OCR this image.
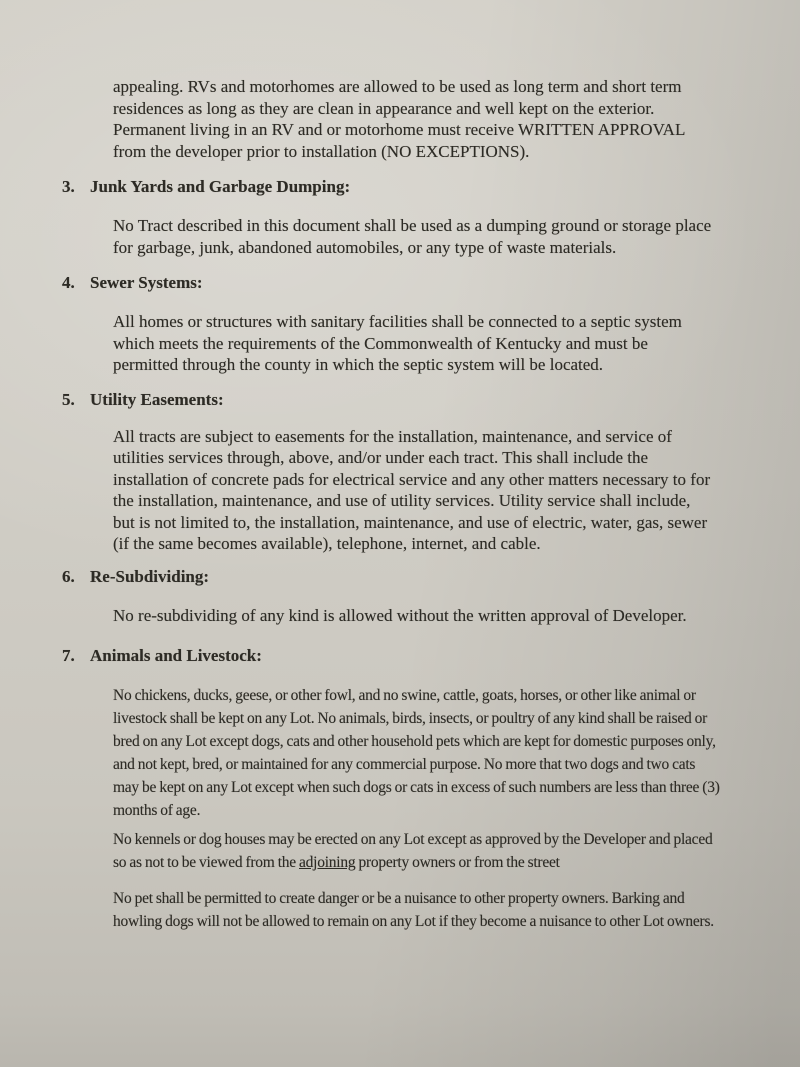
appealing. RVs and motorhomes are allowed to be used as long term and short term residences as long as they are clean in appearance and well kept on the exterior. Permanent living in an RV and or motorhome must receive WRITTEN APPROVAL from the developer prior to installation (NO EXCEPTIONS).

3. Junk Yards and Garbage Dumping:

No Tract described in this document shall be used as a dumping ground or storage place for garbage, junk, abandoned automobiles, or any type of waste materials.

4. Sewer Systems:

All homes or structures with sanitary facilities shall be connected to a septic system which meets the requirements of the Commonwealth of Kentucky and must be permitted through the county in which the septic system will be located.

5. Utility Easements:

All tracts are subject to easements for the installation, maintenance, and service of utilities services through, above, and/or under each tract. This shall include the installation of concrete pads for electrical service and any other matters necessary to for the installation, maintenance, and use of utility services. Utility service shall include, but is not limited to, the installation, maintenance, and use of electric, water, gas, sewer (if the same becomes available), telephone, internet, and cable.

6. Re-Subdividing:

No re-subdividing of any kind is allowed without the written approval of Developer.

7. Animals and Livestock:

No chickens, ducks, geese, or other fowl, and no swine, cattle, goats, horses, or other like animal or livestock shall be kept on any Lot. No animals, birds, insects, or poultry of any kind shall be raised or bred on any Lot except dogs, cats and other household pets which are kept for domestic purposes only, and not kept, bred, or maintained for any commercial purpose. No more that two dogs and two cats may be kept on any Lot except when such dogs or cats in excess of such numbers are less than three (3) months of age.

No kennels or dog houses may be erected on any Lot except as approved by the Developer and placed so as not to be viewed from the adjoining property owners or from the street

No pet shall be permitted to create danger or be a nuisance to other property owners. Barking and howling dogs will not be allowed to remain on any Lot if they become a nuisance to other Lot owners.
